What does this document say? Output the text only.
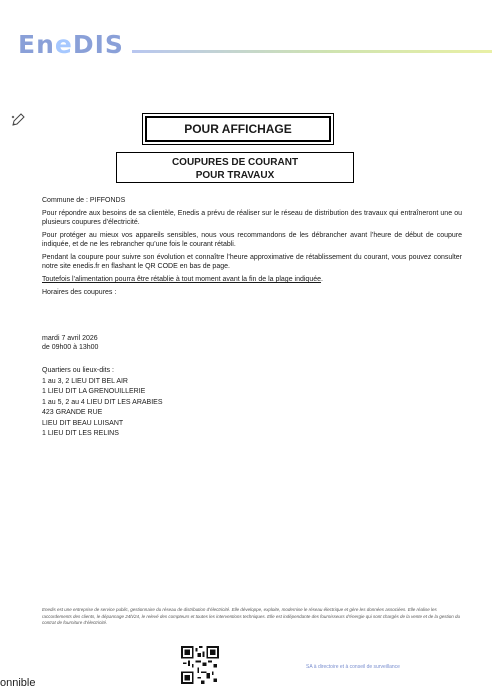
EneDIS
POUR AFFICHAGE
COUPURES DE COURANT
POUR TRAVAUX

Commune de : PIFFONDS

Pour répondre aux besoins de sa clientèle, Enedis a prévu de réaliser sur le réseau de distribution des travaux qui entraîneront une ou plusieurs coupures d’électricité.

Pour protéger au mieux vos appareils sensibles, nous vous recommandons de les débrancher avant l’heure de début de coupure indiquée, et de ne les rebrancher qu’une fois le courant rétabli.

Pendant la coupure pour suivre son évolution et connaître l’heure approximative de rétablissement du courant, vous pouvez consulter notre site enedis.fr en flashant le QR CODE en bas de page.

Toutefois l’alimentation pourra être rétablie à tout moment avant la fin de la plage indiquée.

Horaires des coupures :

mardi 7 avril 2026
de 09h00 à 13h00
Quartiers ou lieux-dits :
1 au 3, 2 LIEU DIT BEL AIR
1 LIEU DIT LA GRENOUILLERIE
1 au 5, 2 au 4 LIEU DIT LES ARABIES
423 GRANDE RUE
LIEU DIT BEAU LUISANT
1 LIEU DIT LES RELINS
Enedis est une entreprise de service public, gestionnaire du réseau de distribution d’électricité. Elle développe, exploite, modernise le réseau électrique et gère les données associées. Elle réalise les raccordements des clients, le dépannage 24h/24, le relevé des compteurs et toutes les interventions techniques. Elle est indépendante des fournisseurs d’énergie qui sont chargés de la vente et de la gestion du contrat de fourniture d’électricité.
SA à directoire et à conseil de surveillance
onnible
